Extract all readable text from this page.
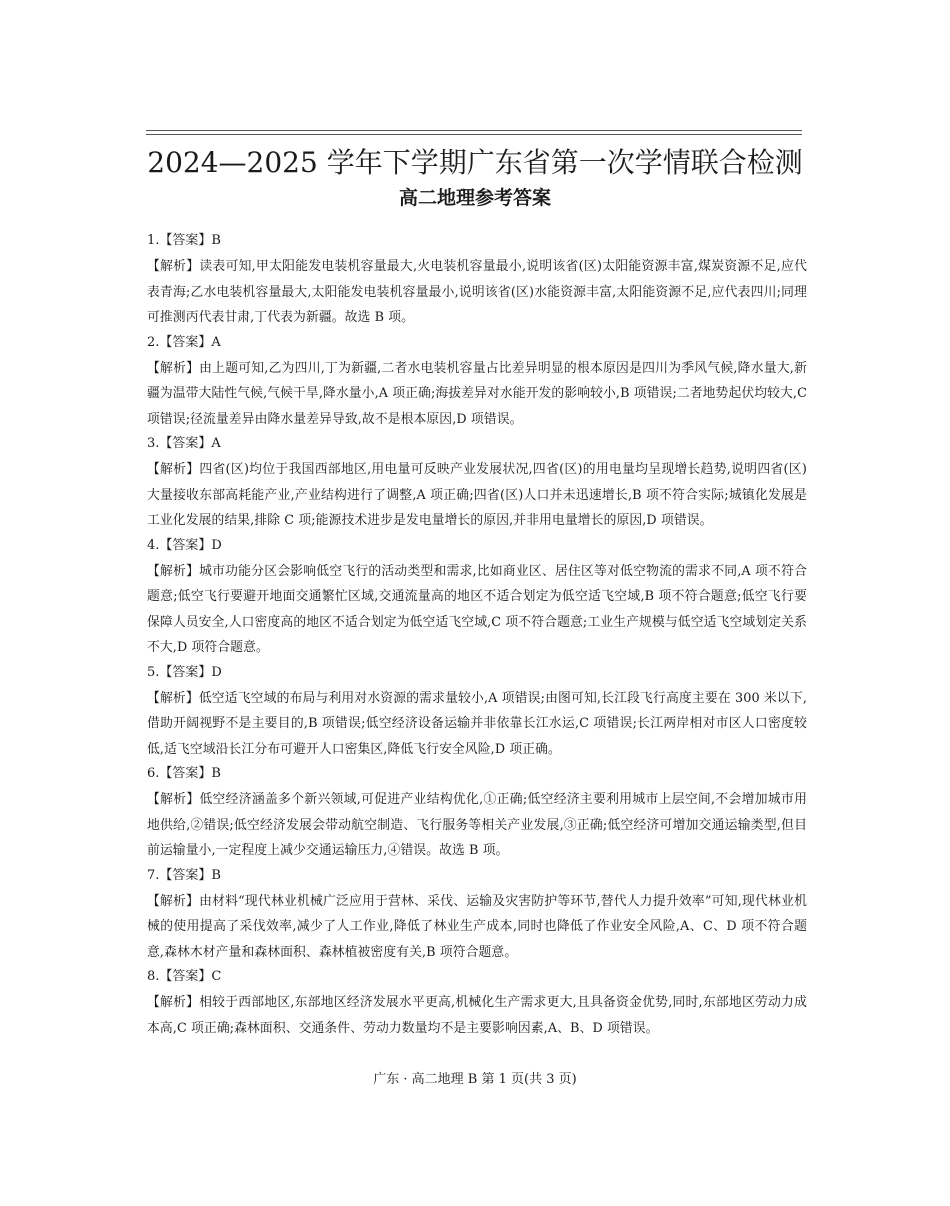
2024—2025 学年下学期广东省第一次学情联合检测
高二地理参考答案
1.【答案】B

【解析】读表可知,甲太阳能发电装机容量最大,火电装机容量最小,说明该省(区)太阳能资源丰富,煤炭资源不足,应代表青海;乙水电装机容量最大,太阳能发电装机容量最小,说明该省(区)水能资源丰富,太阳能资源不足,应代表四川;同理可推测丙代表甘肃,丁代表为新疆。故选 B 项。

2.【答案】A

【解析】由上题可知,乙为四川,丁为新疆,二者水电装机容量占比差异明显的根本原因是四川为季风气候,降水量大,新疆为温带大陆性气候,气候干旱,降水量小,A 项正确;海拔差异对水能开发的影响较小,B 项错误;二者地势起伏均较大,C 项错误;径流量差异由降水量差异导致,故不是根本原因,D 项错误。

3.【答案】A

【解析】四省(区)均位于我国西部地区,用电量可反映产业发展状况,四省(区)的用电量均呈现增长趋势,说明四省(区)大量接收东部高耗能产业,产业结构进行了调整,A 项正确;四省(区)人口并未迅速增长,B 项不符合实际;城镇化发展是工业化发展的结果,排除 C 项;能源技术进步是发电量增长的原因,并非用电量增长的原因,D 项错误。

4.【答案】D

【解析】城市功能分区会影响低空飞行的活动类型和需求,比如商业区、居住区等对低空物流的需求不同,A 项不符合题意;低空飞行要避开地面交通繁忙区域,交通流量高的地区不适合划定为低空适飞空域,B 项不符合题意;低空飞行要保障人员安全,人口密度高的地区不适合划定为低空适飞空域,C 项不符合题意;工业生产规模与低空适飞空域划定关系不大,D 项符合题意。

5.【答案】D

【解析】低空适飞空域的布局与利用对水资源的需求量较小,A 项错误;由图可知,长江段飞行高度主要在 300 米以下,借助开阔视野不是主要目的,B 项错误;低空经济设备运输并非依靠长江水运,C 项错误;长江两岸相对市区人口密度较低,适飞空域沿长江分布可避开人口密集区,降低飞行安全风险,D 项正确。

6.【答案】B

【解析】低空经济涵盖多个新兴领域,可促进产业结构优化,①正确;低空经济主要利用城市上层空间,不会增加城市用地供给,②错误;低空经济发展会带动航空制造、飞行服务等相关产业发展,③正确;低空经济可增加交通运输类型,但目前运输量小,一定程度上减少交通运输压力,④错误。故选 B 项。

7.【答案】B

【解析】由材料“现代林业机械广泛应用于营林、采伐、运输及灾害防护等环节,替代人力提升效率”可知,现代林业机械的使用提高了采伐效率,减少了人工作业,降低了林业生产成本,同时也降低了作业安全风险,A、C、D 项不符合题意,森林木材产量和森林面积、森林植被密度有关,B 项符合题意。

8.【答案】C

【解析】相较于西部地区,东部地区经济发展水平更高,机械化生产需求更大,且具备资金优势,同时,东部地区劳动力成本高,C 项正确;森林面积、交通条件、劳动力数量均不是主要影响因素,A、B、D 项错误。

广东 · 高二地理 B 第 1 页(共 3 页)
